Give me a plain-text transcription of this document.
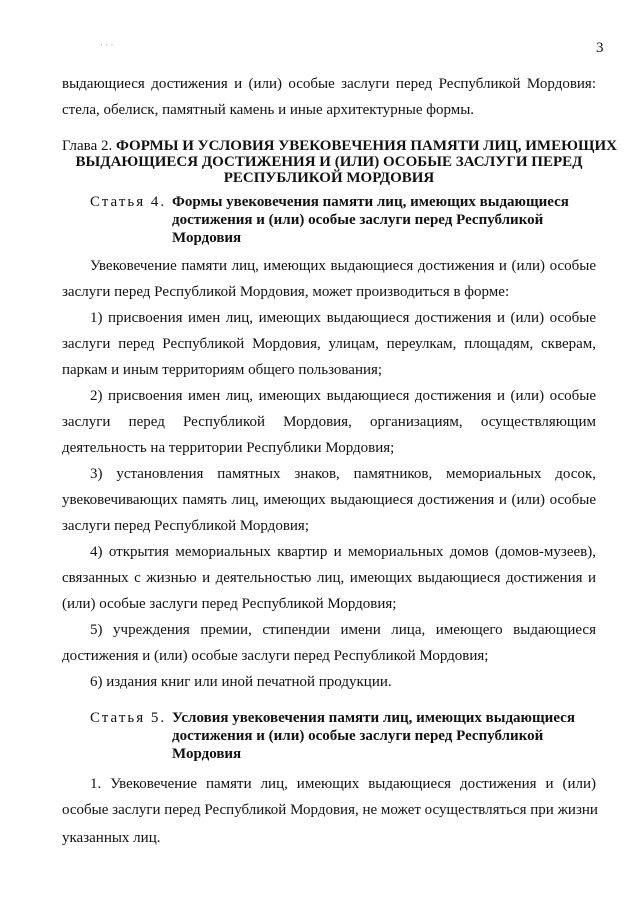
· · ·	3
выдающиеся достижения и (или) особые заслуги перед Республикой Мордовия:
стела, обелиск, памятный камень и иные архитектурные формы.
Глава 2. ФОРМЫ И УСЛОВИЯ УВЕКОВЕЧЕНИЯ ПАМЯТИ ЛИЦ, ИМЕЮЩИХ
ВЫДАЮЩИЕСЯ ДОСТИЖЕНИЯ И (ИЛИ) ОСОБЫЕ ЗАСЛУГИ ПЕРЕД
РЕСПУБЛИКОЙ МОРДОВИЯ
Статья 4. Формы увековечения памяти лиц, имеющих выдающиеся
достижения и (или) особые заслуги перед Республикой
Мордовия
Увековечение памяти лиц, имеющих выдающиеся достижения и (или) особые
заслуги перед Республикой Мордовия, может производиться в форме:
1) присвоения имен лиц, имеющих выдающиеся достижения и (или) особые
заслуги перед Республикой Мордовия, улицам, переулкам, площадям, скверам,
паркам и иным территориям общего пользования;
2) присвоения имен лиц, имеющих выдающиеся достижения и (или) особые
заслуги перед Республикой Мордовия, организациям, осуществляющим
деятельность на территории Республики Мордовия;
3) установления памятных знаков, памятников, мемориальных досок,
увековечивающих память лиц, имеющих выдающиеся достижения и (или) особые
заслуги перед Республикой Мордовия;
4) открытия мемориальных квартир и мемориальных домов (домов-музеев),
связанных с жизнью и деятельностью лиц, имеющих выдающиеся достижения и
(или) особые заслуги перед Республикой Мордовия;
5) учреждения премии, стипендии имени лица, имеющего выдающиеся
достижения и (или) особые заслуги перед Республикой Мордовия;
6) издания книг или иной печатной продукции.
Статья 5. Условия увековечения памяти лиц, имеющих выдающиеся
достижения и (или) особые заслуги перед Республикой
Мордовия
1. Увековечение памяти лиц, имеющих выдающиеся достижения и (или)
особые заслуги перед Республикой Мордовия, не может осуществляться при жизни
указанных лиц.
